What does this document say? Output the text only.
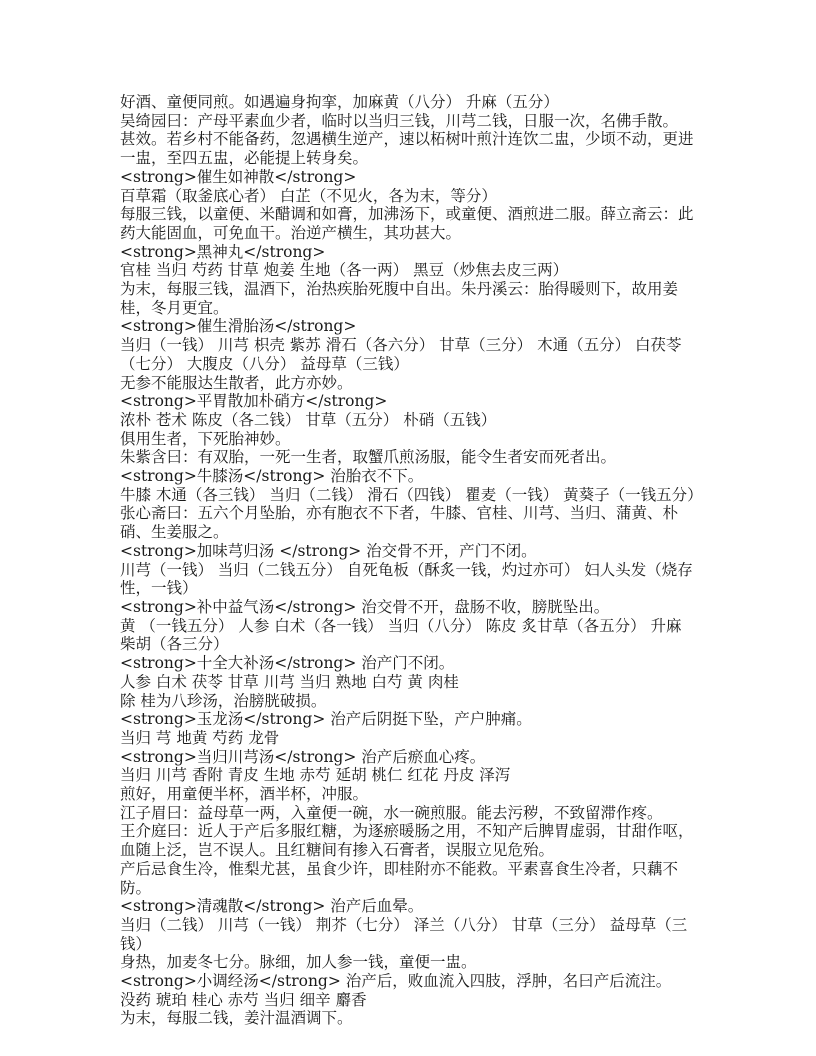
好酒、童便同煎。如遇遍身拘挛，加麻黄（八分） 升麻（五分）

吴绮园曰：产母平素血少者，临时以当归三钱，川芎二钱，日服一次，名佛手散。

甚效。若乡村不能备药，忽遇横生逆产，速以柘树叶煎汁连饮二盅，少顷不动，更进一盅，至四五盅，必能提上转身矣。

<strong>催生如神散</strong>

百草霜（取釜底心者） 白芷（不见火，各为末，等分）

每服三钱，以童便、米醋调和如膏，加沸汤下，或童便、酒煎进二服。薛立斋云：此药大能固血，可免血干。治逆产横生，其功甚大。

<strong>黑神丸</strong>

官桂 当归 芍药 甘草 炮姜 生地（各一两） 黑豆（炒焦去皮三两）

为末，每服三钱，温酒下，治热疾胎死腹中自出。朱丹溪云：胎得暖则下，故用姜桂，冬月更宜。

<strong>催生滑胎汤</strong>

当归（一钱） 川芎 枳壳 紫苏 滑石（各六分） 甘草（三分） 木通（五分） 白茯苓（七分） 大腹皮（八分） 益母草（三钱）

无参不能服达生散者，此方亦妙。

<strong>平胃散加朴硝方</strong>

浓朴 苍术 陈皮（各二钱） 甘草（五分） 朴硝（五钱）

俱用生者，下死胎神妙。

朱紫含曰：有双胎，一死一生者，取蟹爪煎汤服，能令生者安而死者出。

<strong>牛膝汤</strong> 治胎衣不下。

牛膝 木通（各三钱） 当归（二钱） 滑石（四钱） 瞿麦（一钱） 黄葵子（一钱五分）

张心斋曰：五六个月坠胎，亦有胞衣不下者，牛膝、官桂、川芎、当归、蒲黄、朴硝、生姜服之。

<strong>加味芎归汤 </strong> 治交骨不开，产门不闭。

川芎（一钱） 当归（二钱五分） 自死龟板（酥炙一钱，灼过亦可） 妇人头发（烧存性，一钱）

<strong>补中益气汤</strong> 治交骨不开，盘肠不收，膀胱坠出。

黄 （一钱五分） 人参 白术（各一钱） 当归（八分） 陈皮 炙甘草（各五分） 升麻 柴胡（各三分）

<strong>十全大补汤</strong> 治产门不闭。

人参 白术 茯苓 甘草 川芎 当归 熟地 白芍 黄 肉桂

除 桂为八珍汤，治膀胱破损。

<strong>玉龙汤</strong> 治产后阴挺下坠，产户肿痛。

当归 芎 地黄 芍药 龙骨

<strong>当归川芎汤</strong> 治产后瘀血心疼。

当归 川芎 香附 青皮 生地 赤芍 延胡 桃仁 红花 丹皮 泽泻

煎好，用童便半杯，酒半杯，冲服。

江子眉曰：益母草一两，入童便一碗，水一碗煎服。能去污秽，不致留滞作疼。

王介庭曰：近人于产后多服红糖，为逐瘀暖肠之用，不知产后脾胃虚弱，甘甜作呕，血随上泛，岂不误人。且红糖间有掺入石膏者，误服立见危殆。

产后忌食生冷，惟梨尤甚，虽食少许，即桂附亦不能救。平素喜食生冷者，只藕不防。

<strong>清魂散</strong> 治产后血晕。

当归（二钱） 川芎（一钱） 荆芥（七分） 泽兰（八分） 甘草（三分） 益母草（三钱）

身热，加麦冬七分。脉细，加人参一钱，童便一盅。

<strong>小调经汤</strong> 治产后，败血流入四肢，浮肿，名曰产后流注。

没药 琥珀 桂心 赤芍 当归 细辛 麝香

为末，每服二钱，姜汁温酒调下。
